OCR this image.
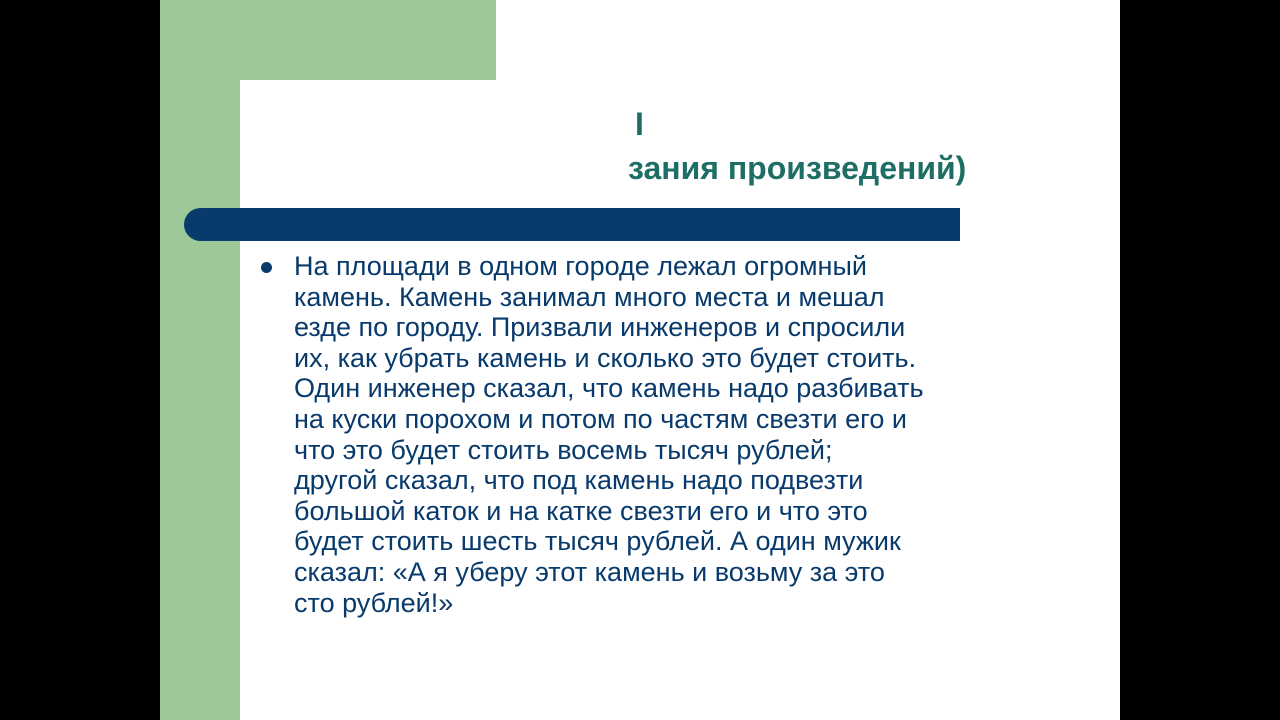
I
зания произведений)

На площади в одном городе лежал огромный
камень. Камень занимал много места и мешал
езде по городу. Призвали инженеров и спросили
их, как убрать камень и сколько это будет стоить.
Один инженер сказал, что камень надо разбивать
на куски порохом и потом по частям свезти его и
что это будет стоить восемь тысяч рублей;
другой сказал, что под камень надо подвезти
большой каток и на катке свезти его и что это
будет стоить шесть тысяч рублей. А один мужик
сказал: «А я уберу этот камень и возьму за это
сто рублей!»
